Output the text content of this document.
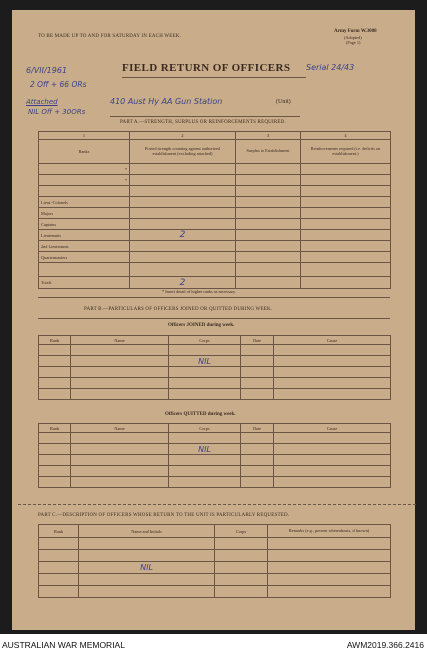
TO BE MADE UP TO AND FOR SATURDAY IN EACH WEEK.
Army Form W.3008
(Adopted)
(Page 1)
FIELD RETURN OF OFFICERS
(Unit)
6/VII/1961
2 Off + 66 ORs
Attached
NIL Off + 30ORs
410 Aust Hy AA Gun Station
Serial 24/43
PART A.—STRENGTH, SURPLUS OR REINFORCEMENTS REQUIRED.
1	2	3	4
Ranks	Posted strength counting against authorized establishment (excluding attached)	Surplus to Establishment	Reinforcements required (i.e. deficits on establishment.)
*			
*			

Lieut.-Colonels			
Majors			
Captains			
Lieutenants	2		
2nd Lieutenants			
Quartermasters			

Totals	2		
* Insert detail of higher ranks as necessary.
PART B.—PARTICULARS OF OFFICERS JOINED OR QUITTED DURING WEEK.
Officers JOINED during week.
Rank	Name	Corps	Date	Cause

		NIL		

Officers QUITTED during week.
Rank	Name	Corps	Date	Cause

		NIL		

PART C.—DESCRIPTION OF OFFICERS WHOSE RETURN TO THE UNIT IS PARTICULARLY REQUESTED.
Rank	Name and Initials	Corps	Remarks (e.g., present whereabouts, if known)

	NIL		

AUSTRALIAN WAR MEMORIAL	AWM2019.366.2416
